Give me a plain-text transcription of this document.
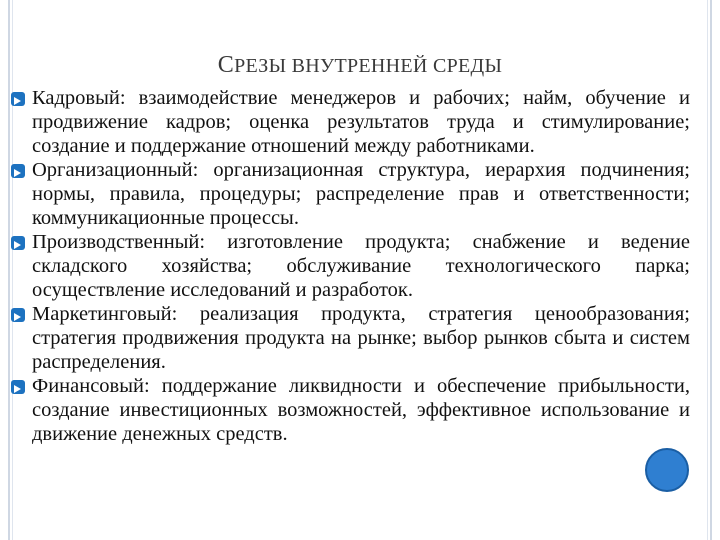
СРЕЗЫ ВНУТРЕННЕЙ СРЕДЫ
Кадровый: взаимодействие менеджеров и рабочих; найм, обучение и продвижение кадров; оценка результатов труда и стимулирование; создание и поддержание отношений между работниками.
Организационный: организационная структура, иерархия подчинения; нормы, правила, процедуры; распределение прав и ответственности; коммуникационные процессы.
Производственный: изготовление продукта; снабжение и ведение складского хозяйства; обслуживание технологического парка; осуществление исследований и разработок.
Маркетинговый: реализация продукта, стратегия ценообразования; стратегия продвижения продукта на рынке; выбор рынков сбыта и систем распределения.
Финансовый: поддержание ликвидности и обеспечение прибыльности, создание инвестиционных возможностей, эффективное использование и движение денежных средств.
